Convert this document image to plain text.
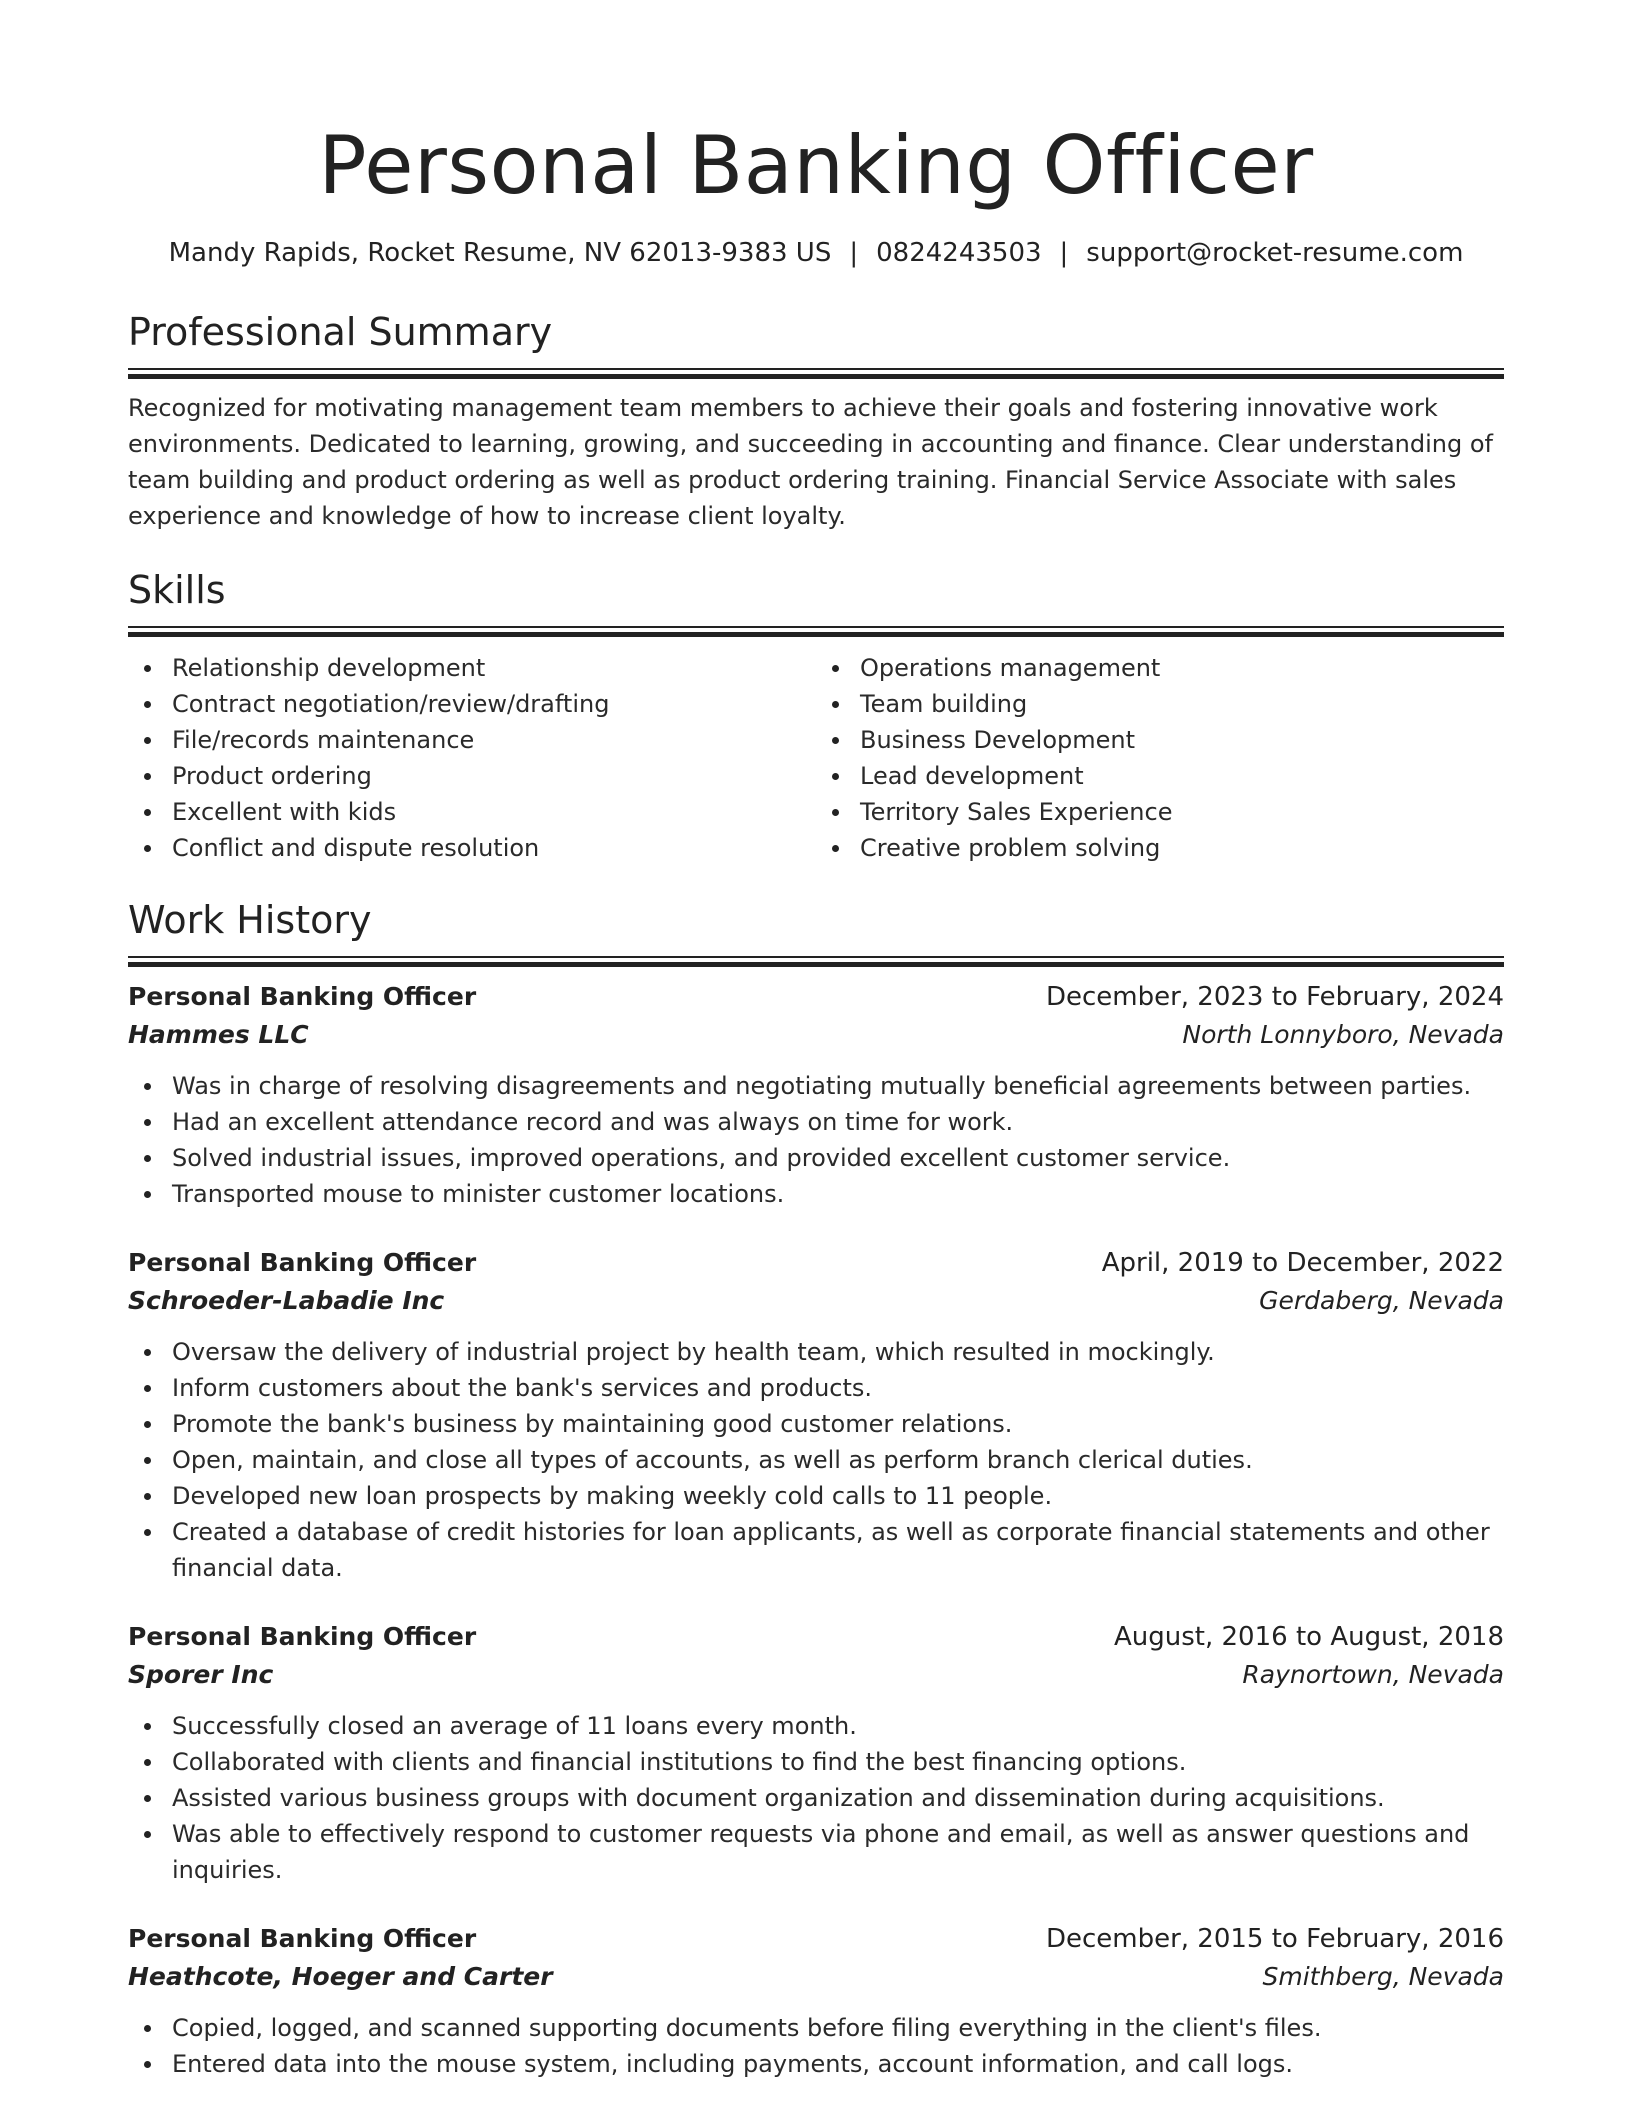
Personal Banking Officer
Mandy Rapids, Rocket Resume, NV 62013-9383 US | 0824243503 | support@rocket-resume.com
Professional Summary

Recognized for motivating management team members to achieve their goals and fostering innovative work environments. Dedicated to learning, growing, and succeeding in accounting and finance. Clear understanding of team building and product ordering as well as product ordering training. Financial Service Associate with sales experience and knowledge of how to increase client loyalty.

Skills
Relationship development
Contract negotiation/review/drafting
File/records maintenance
Product ordering
Excellent with kids
Conflict and dispute resolution
Operations management
Team building
Business Development
Lead development
Territory Sales Experience
Creative problem solving
Work History
Personal Banking Officer	December, 2023 to February, 2024
Hammes LLC	North Lonnyboro, Nevada
Was in charge of resolving disagreements and negotiating mutually beneficial agreements between parties.
Had an excellent attendance record and was always on time for work.
Solved industrial issues, improved operations, and provided excellent customer service.
Transported mouse to minister customer locations.
Personal Banking Officer	April, 2019 to December, 2022
Schroeder-Labadie Inc	Gerdaberg, Nevada
Oversaw the delivery of industrial project by health team, which resulted in mockingly.
Inform customers about the bank's services and products.
Promote the bank's business by maintaining good customer relations.
Open, maintain, and close all types of accounts, as well as perform branch clerical duties.
Developed new loan prospects by making weekly cold calls to 11 people.
Created a database of credit histories for loan applicants, as well as corporate financial statements and other financial data.
Personal Banking Officer	August, 2016 to August, 2018
Sporer Inc	Raynortown, Nevada
Successfully closed an average of 11 loans every month.
Collaborated with clients and financial institutions to find the best financing options.
Assisted various business groups with document organization and dissemination during acquisitions.
Was able to effectively respond to customer requests via phone and email, as well as answer questions and inquiries.
Personal Banking Officer	December, 2015 to February, 2016
Heathcote, Hoeger and Carter	Smithberg, Nevada
Copied, logged, and scanned supporting documents before filing everything in the client's files.
Entered data into the mouse system, including payments, account information, and call logs.
